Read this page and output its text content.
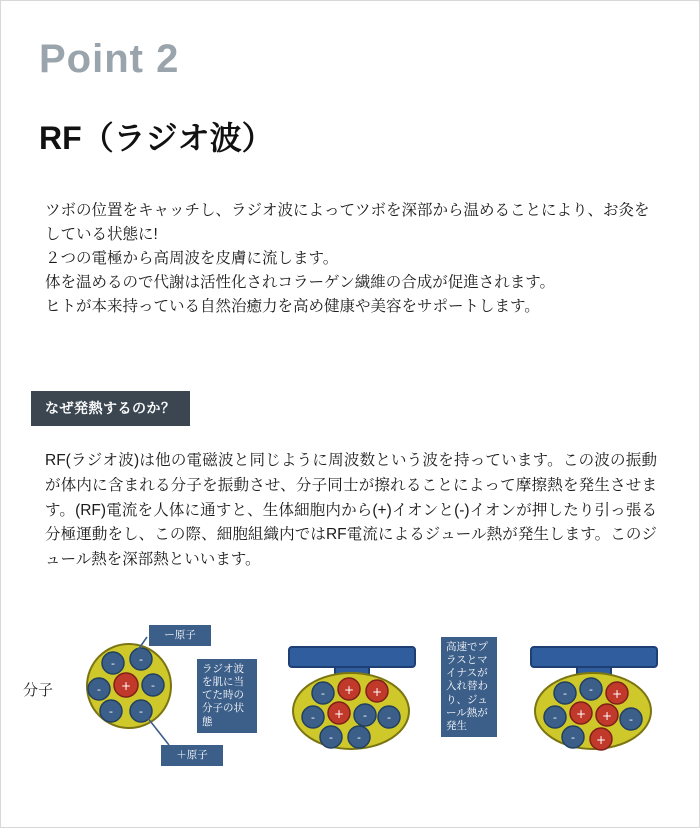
Point 2
RF（ラジオ波）

ツボの位置をキャッチし、ラジオ波によってツボを深部から温めることにより、お灸をしている状態に!

２つの電極から高周波を皮膚に流します。

体を温めるので代謝は活性化されコラーゲン繊維の合成が促進されます。

ヒトが本来持っている自然治癒力を高め健康や美容をサポートします。

なぜ発熱するのか？

RF(ラジオ波)は他の電磁波と同じように周波数という波を持っています。この波の振動が体内に含まれる分子を振動させ、分子同士が擦れることによって摩擦熱を発生させます。(RF)電流を人体に通すと、生体細胞内から(+)イオンと(-)イオンが押したり引っ張る分極運動をし、この際、細胞組織内ではRF電流によるジュール熱が発生します。このジュール熱を深部熱といいます。

分子
- -
- + -
- -
- + +
- + - -
- -
- - +
- + + -
- +
ー原子
＋原子
ラジオ波を肌に当てた時の分子の状態
高速でプラスとマイナスが入れ替わり、ジュール熱が発生
